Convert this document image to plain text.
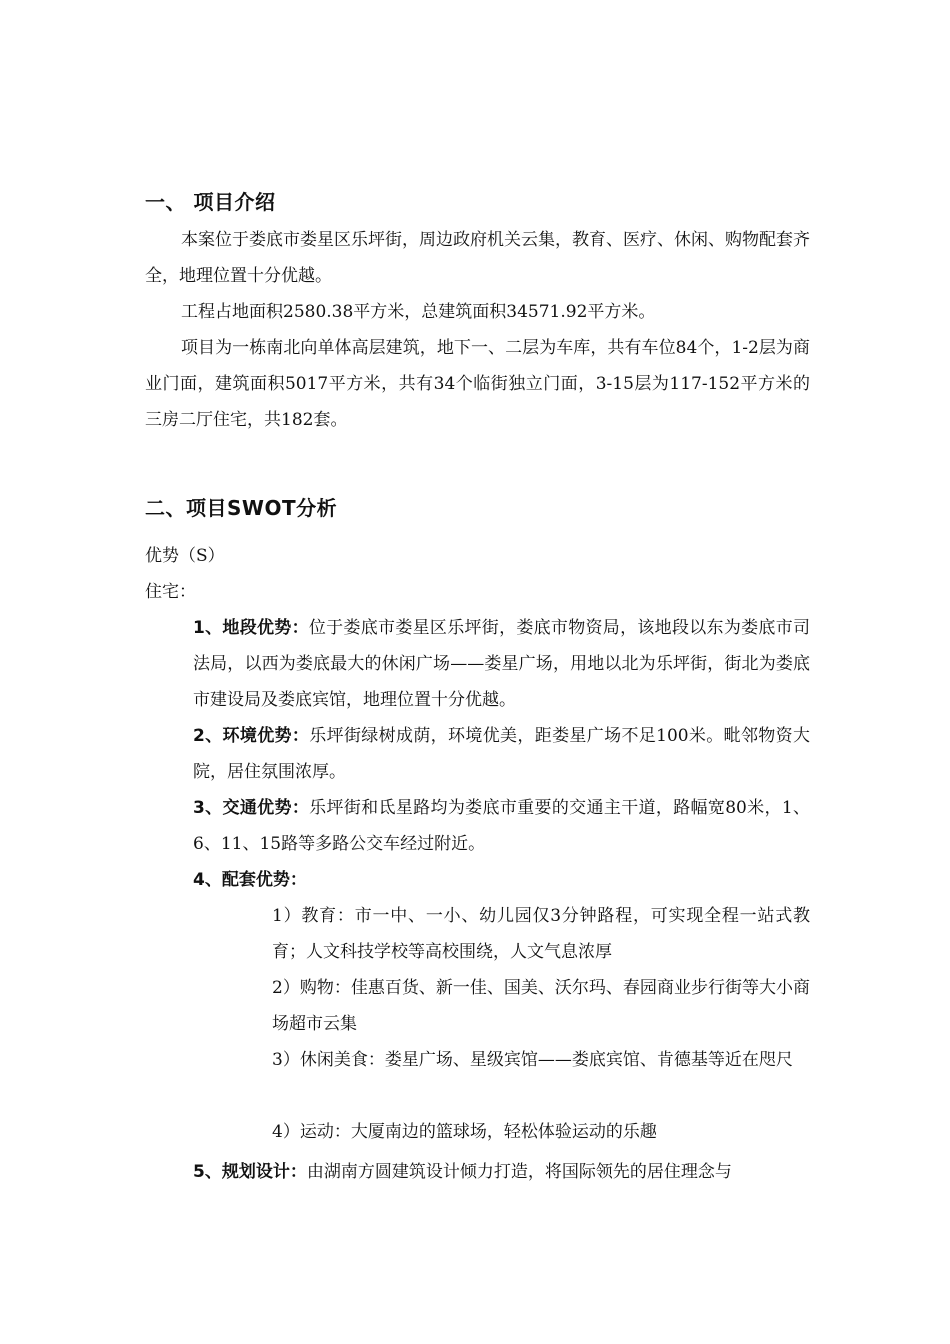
一、 项目介绍
本案位于娄底市娄星区乐坪街，周边政府机关云集，教育、医疗、休闲、购物配套齐全，地理位置十分优越。
工程占地面积2580.38平方米，总建筑面积34571.92平方米。
项目为一栋南北向单体高层建筑，地下一、二层为车库，共有车位84个，1-2层为商业门面，建筑面积5017平方米，共有34个临街独立门面，3-15层为117-152平方米的三房二厅住宅，共182套。
二、项目SWOT分析
优势（S）
住宅：
1、地段优势：位于娄底市娄星区乐坪街，娄底市物资局，该地段以东为娄底市司法局，以西为娄底最大的休闲广场——娄星广场，用地以北为乐坪街，街北为娄底市建设局及娄底宾馆，地理位置十分优越。
2、环境优势：乐坪街绿树成荫，环境优美，距娄星广场不足100米。毗邻物资大院，居住氛围浓厚。
3、交通优势：乐坪街和氐星路均为娄底市重要的交通主干道，路幅宽80米，1、6、11、15路等多路公交车经过附近。
4、配套优势：
1）教育：市一中、一小、幼儿园仅3分钟路程，可实现全程一站式教育；人文科技学校等高校围绕，人文气息浓厚
2）购物：佳惠百货、新一佳、国美、沃尔玛、春园商业步行街等大小商场超市云集
3）休闲美食：娄星广场、星级宾馆——娄底宾馆、肯德基等近在咫尺
4）运动：大厦南边的篮球场，轻松体验运动的乐趣
5、规划设计：由湖南方圆建筑设计倾力打造，将国际领先的居住理念与
